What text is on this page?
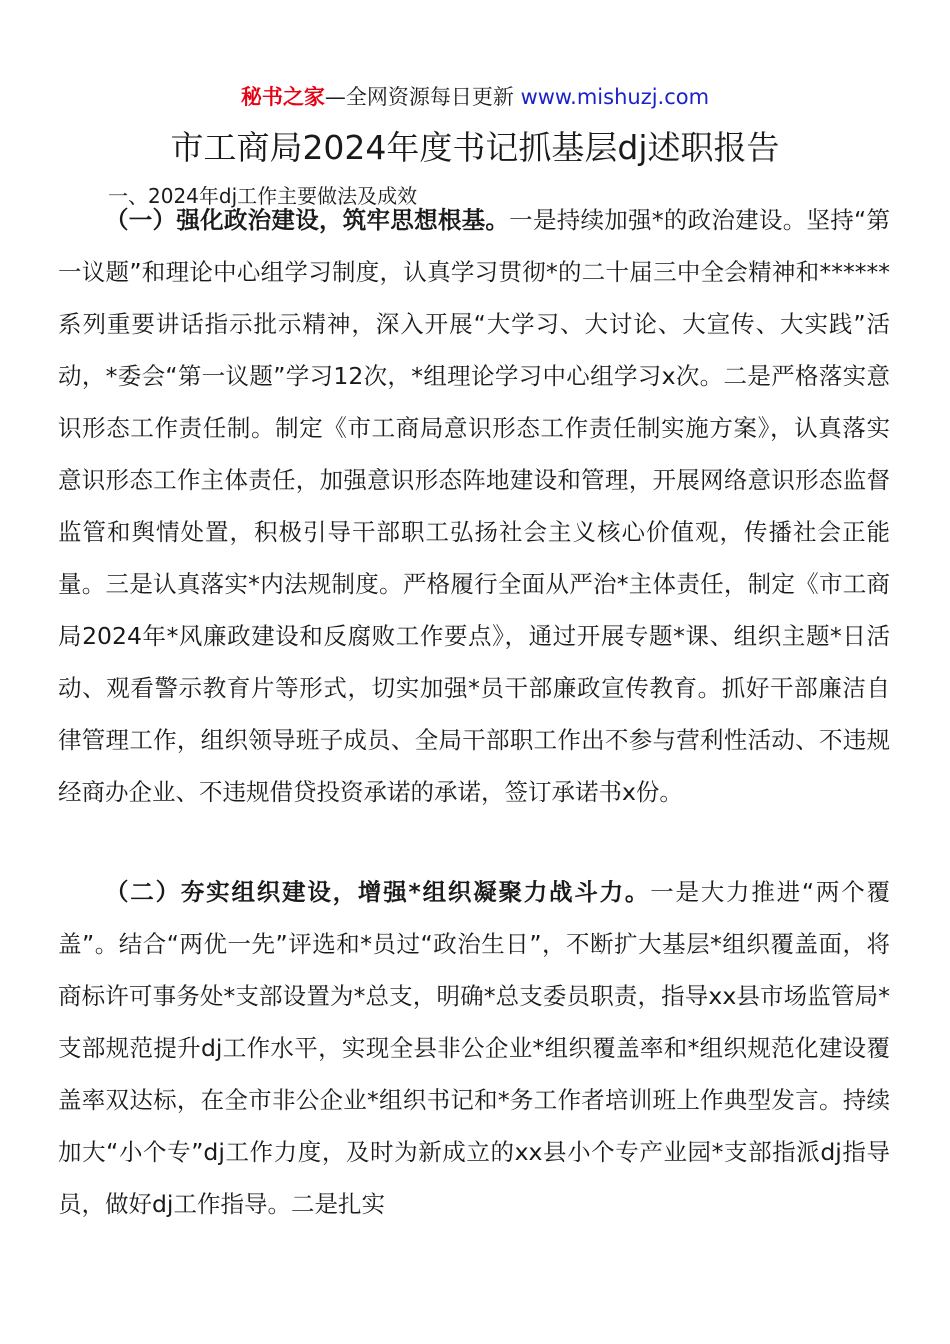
秘书之家—全网资源每日更新 www.mishuzj.com
市工商局2024年度书记抓基层dj述职报告
一、2024年dj工作主要做法及成效
（一）强化政治建设，筑牢思想根基。一是持续加强*的政治建设。坚持“第一议题”和理论中心组学习制度，认真学习贯彻*的二十届三中全会精神和******系列重要讲话指示批示精神，深入开展“大学习、大讨论、大宣传、大实践”活动，*委会“第一议题”学习12次，*组理论学习中心组学习x次。二是严格落实意识形态工作责任制。制定《市工商局意识形态工作责任制实施方案》，认真落实意识形态工作主体责任，加强意识形态阵地建设和管理，开展网络意识形态监督监管和舆情处置，积极引导干部职工弘扬社会主义核心价值观，传播社会正能量。三是认真落实*内法规制度。严格履行全面从严治*主体责任，制定《市工商局2024年*风廉政建设和反腐败工作要点》，通过开展专题*课、组织主题*日活动、观看警示教育片等形式，切实加强*员干部廉政宣传教育。抓好干部廉洁自律管理工作，组织领导班子成员、全局干部职工作出不参与营利性活动、不违规经商办企业、不违规借贷投资承诺的承诺，签订承诺书x份。
（二）夯实组织建设，增强*组织凝聚力战斗力。一是大力推进“两个覆盖”。结合“两优一先”评选和*员过“政治生日”，不断扩大基层*组织覆盖面，将商标许可事务处*支部设置为*总支，明确*总支委员职责，指导xx县市场监管局*支部规范提升dj工作水平，实现全县非公企业*组织覆盖率和*组织规范化建设覆盖率双达标，在全市非公企业*组织书记和*务工作者培训班上作典型发言。持续加大“小个专”dj工作力度，及时为新成立的xx县小个专产业园*支部指派dj指导员，做好dj工作指导。二是扎实
